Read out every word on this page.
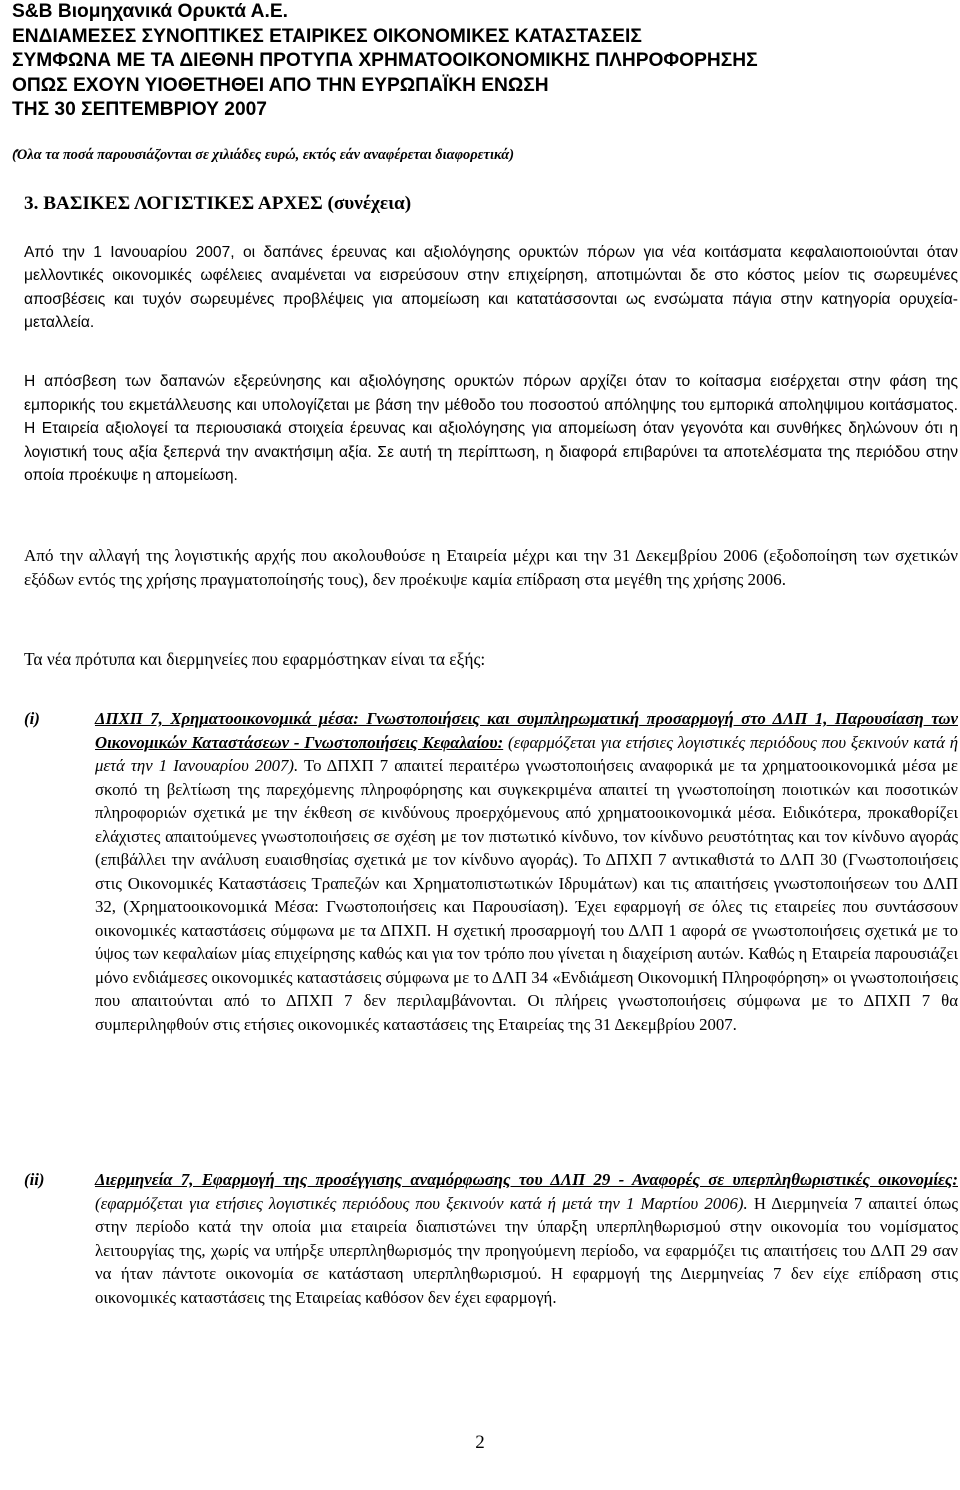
S&B Βιομηχανικά Ορυκτά Α.Ε.
ΕΝΔΙΑΜΕΣΕΣ ΣΥΝΟΠΤΙΚΕΣ ΕΤΑΙΡΙΚΕΣ ΟΙΚΟΝΟΜΙΚΕΣ ΚΑΤΑΣΤΑΣΕΙΣ
ΣΥΜΦΩΝΑ ΜΕ ΤΑ ΔΙΕΘΝΗ ΠΡΟΤΥΠΑ ΧΡΗΜΑΤΟΟΙΚΟΝΟΜΙΚΗΣ ΠΛΗΡΟΦΟΡΗΣΗΣ
ΟΠΩΣ ΕΧΟΥΝ ΥΙΟΘΕΤΗΘΕΙ ΑΠΟ ΤΗΝ ΕΥΡΩΠΑΪΚΗ ΕΝΩΣΗ
ΤΗΣ 30 ΣΕΠΤΕΜΒΡΙΟΥ 2007
(Όλα τα ποσά παρουσιάζονται σε χιλιάδες ευρώ, εκτός εάν αναφέρεται διαφορετικά)
3. ΒΑΣΙΚΕΣ ΛΟΓΙΣΤΙΚΕΣ ΑΡΧΕΣ (συνέχεια)
Από την 1 Ιανουαρίου 2007, οι δαπάνες έρευνας και αξιολόγησης ορυκτών πόρων για νέα κοιτάσματα κεφαλαιοποιούνται όταν μελλοντικές οικονομικές ωφέλειες αναμένεται να εισρεύσουν στην επιχείρηση, αποτιμώνται δε στο κόστος μείον τις σωρευμένες αποσβέσεις και τυχόν σωρευμένες προβλέψεις για απομείωση και κατατάσσονται ως ενσώματα πάγια στην κατηγορία ορυχεία-μεταλλεία.
Η απόσβεση των δαπανών εξερεύνησης και αξιολόγησης ορυκτών πόρων αρχίζει όταν το κοίτασμα εισέρχεται στην φάση της εμπορικής του εκμετάλλευσης και υπολογίζεται με βάση την μέθοδο του ποσοστού απόληψης του εμπορικά αποληψιμου κοιτάσματος. Η Εταιρεία αξιολογεί τα περιουσιακά στοιχεία έρευνας και αξιολόγησης για απομείωση όταν γεγονότα και συνθήκες δηλώνουν ότι η λογιστική τους αξία ξεπερνά την ανακτήσιμη αξία. Σε αυτή τη περίπτωση, η διαφορά επιβαρύνει τα αποτελέσματα της περιόδου στην οποία προέκυψε η απομείωση.
Από την αλλαγή της λογιστικής αρχής που ακολουθούσε η Εταιρεία μέχρι και την 31 Δεκεμβρίου 2006 (εξοδοποίηση των σχετικών εξόδων εντός της χρήσης πραγματοποίησής τους), δεν προέκυψε καμία επίδραση στα μεγέθη της χρήσης 2006.
Τα νέα πρότυπα και διερμηνείες που εφαρμόστηκαν είναι τα εξής:
(i)	ΔΠΧΠ 7, Χρηματοοικονομικά μέσα: Γνωστοποιήσεις και συμπληρωματική προσαρμογή στο ΔΛΠ 1, Παρουσίαση των Οικονομικών Καταστάσεων - Γνωστοποιήσεις Κεφαλαίου: (εφαρμόζεται για ετήσιες λογιστικές περιόδους που ξεκινούν κατά ή μετά την 1 Ιανουαρίου 2007). Το ΔΠΧΠ 7 απαιτεί περαιτέρω γνωστοποιήσεις αναφορικά με τα χρηματοοικονομικά μέσα με σκοπό τη βελτίωση της παρεχόμενης πληροφόρησης και συγκεκριμένα απαιτεί τη γνωστοποίηση ποιοτικών και ποσοτικών πληροφοριών σχετικά με την έκθεση σε κινδύνους προερχόμενους από χρηματοοικονομικά μέσα. Ειδικότερα, προκαθορίζει ελάχιστες απαιτούμενες γνωστοποιήσεις σε σχέση με τον πιστωτικό κίνδυνο, τον κίνδυνο ρευστότητας και τον κίνδυνο αγοράς (επιβάλλει την ανάλυση ευαισθησίας σχετικά με τον κίνδυνο αγοράς). Το ΔΠΧΠ 7 αντικαθιστά το ΔΛΠ 30 (Γνωστοποιήσεις στις Οικονομικές Καταστάσεις Τραπεζών και Χρηματοπιστωτικών Ιδρυμάτων) και τις απαιτήσεις γνωστοποιήσεων του ΔΛΠ 32, (Χρηματοοικονομικά Μέσα: Γνωστοποιήσεις και Παρουσίαση). Έχει εφαρμογή σε όλες τις εταιρείες που συντάσσουν οικονομικές καταστάσεις σύμφωνα με τα ΔΠΧΠ. Η σχετική προσαρμογή του ΔΛΠ 1 αφορά σε γνωστοποιήσεις σχετικά με το ύψος των κεφαλαίων μίας επιχείρησης καθώς και για τον τρόπο που γίνεται η διαχείριση αυτών. Καθώς η Εταιρεία παρουσιάζει μόνο ενδιάμεσες οικονομικές καταστάσεις σύμφωνα με το ΔΛΠ 34 «Ενδιάμεση Οικονομική Πληροφόρηση» οι γνωστοποιήσεις που απαιτούνται από το ΔΠΧΠ 7 δεν περιλαμβάνονται. Οι πλήρεις γνωστοποιήσεις σύμφωνα με το ΔΠΧΠ 7 θα συμπεριληφθούν στις ετήσιες οικονομικές καταστάσεις της Εταιρείας της 31 Δεκεμβρίου 2007.
(ii)	Διερμηνεία 7, Εφαρμογή της προσέγγισης αναμόρφωσης του ΔΛΠ 29 - Αναφορές σε υπερπληθωριστικές οικονομίες: (εφαρμόζεται για ετήσιες λογιστικές περιόδους που ξεκινούν κατά ή μετά την 1 Μαρτίου 2006). Η Διερμηνεία 7 απαιτεί όπως στην περίοδο κατά την οποία μια εταιρεία διαπιστώνει την ύπαρξη υπερπληθωρισμού στην οικονομία του νομίσματος λειτουργίας της, χωρίς να υπήρξε υπερπληθωρισμός την προηγούμενη περίοδο, να εφαρμόζει τις απαιτήσεις του ΔΛΠ 29 σαν να ήταν πάντοτε οικονομία σε κατάσταση υπερπληθωρισμού. Η εφαρμογή της Διερμηνείας 7 δεν είχε επίδραση στις οικονομικές καταστάσεις της Εταιρείας καθόσον δεν έχει εφαρμογή.
2
